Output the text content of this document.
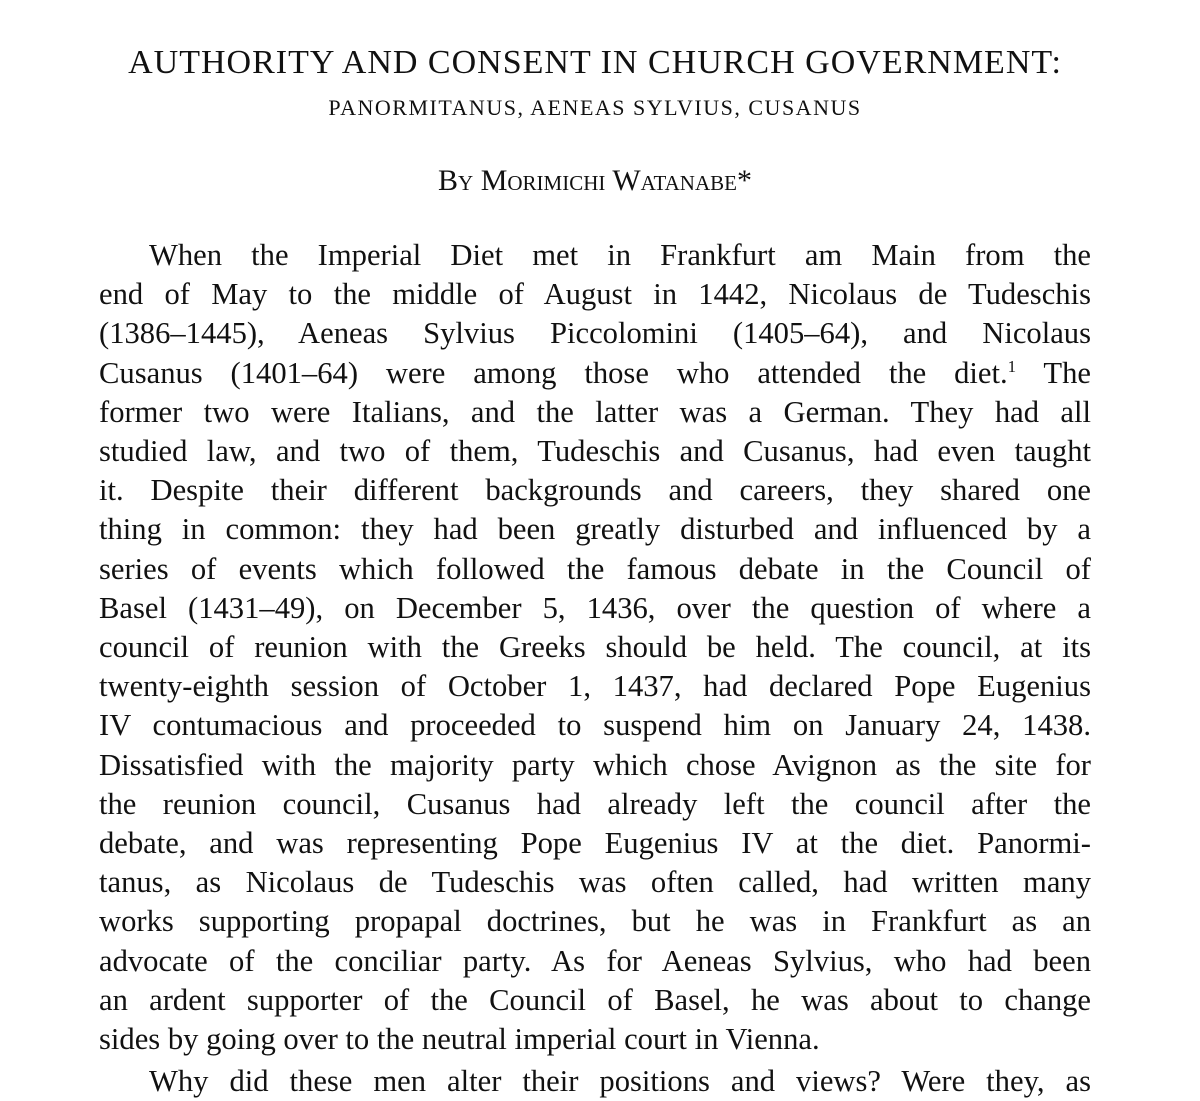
AUTHORITY AND CONSENT IN CHURCH GOVERNMENT:
PANORMITANUS, AENEAS SYLVIUS, CUSANUS
By Morimichi Watanabe*
When the Imperial Diet met in Frankfurt am Main from the
end of May to the middle of August in 1442, Nicolaus de Tudeschis
(1386–1445), Aeneas Sylvius Piccolomini (1405–64), and Nicolaus
Cusanus (1401–64) were among those who attended the diet.$^1$ The
former two were Italians, and the latter was a German. They had all
studied law, and two of them, Tudeschis and Cusanus, had even taught
it. Despite their different backgrounds and careers, they shared one
thing in common: they had been greatly disturbed and influenced by a
series of events which followed the famous debate in the Council of
Basel (1431–49), on December 5, 1436, over the question of where a
council of reunion with the Greeks should be held. The council, at its
twenty-eighth session of October 1, 1437, had declared Pope Eugenius
IV contumacious and proceeded to suspend him on January 24, 1438.
Dissatisfied with the majority party which chose Avignon as the site for
the reunion council, Cusanus had already left the council after the
debate, and was representing Pope Eugenius IV at the diet. Panormi-
tanus, as Nicolaus de Tudeschis was often called, had written many
works supporting propapal doctrines, but he was in Frankfurt as an
advocate of the conciliar party. As for Aeneas Sylvius, who had been
an ardent supporter of the Council of Basel, he was about to change
sides by going over to the neutral imperial court in Vienna.
Why did these men alter their positions and views? Were they, as
